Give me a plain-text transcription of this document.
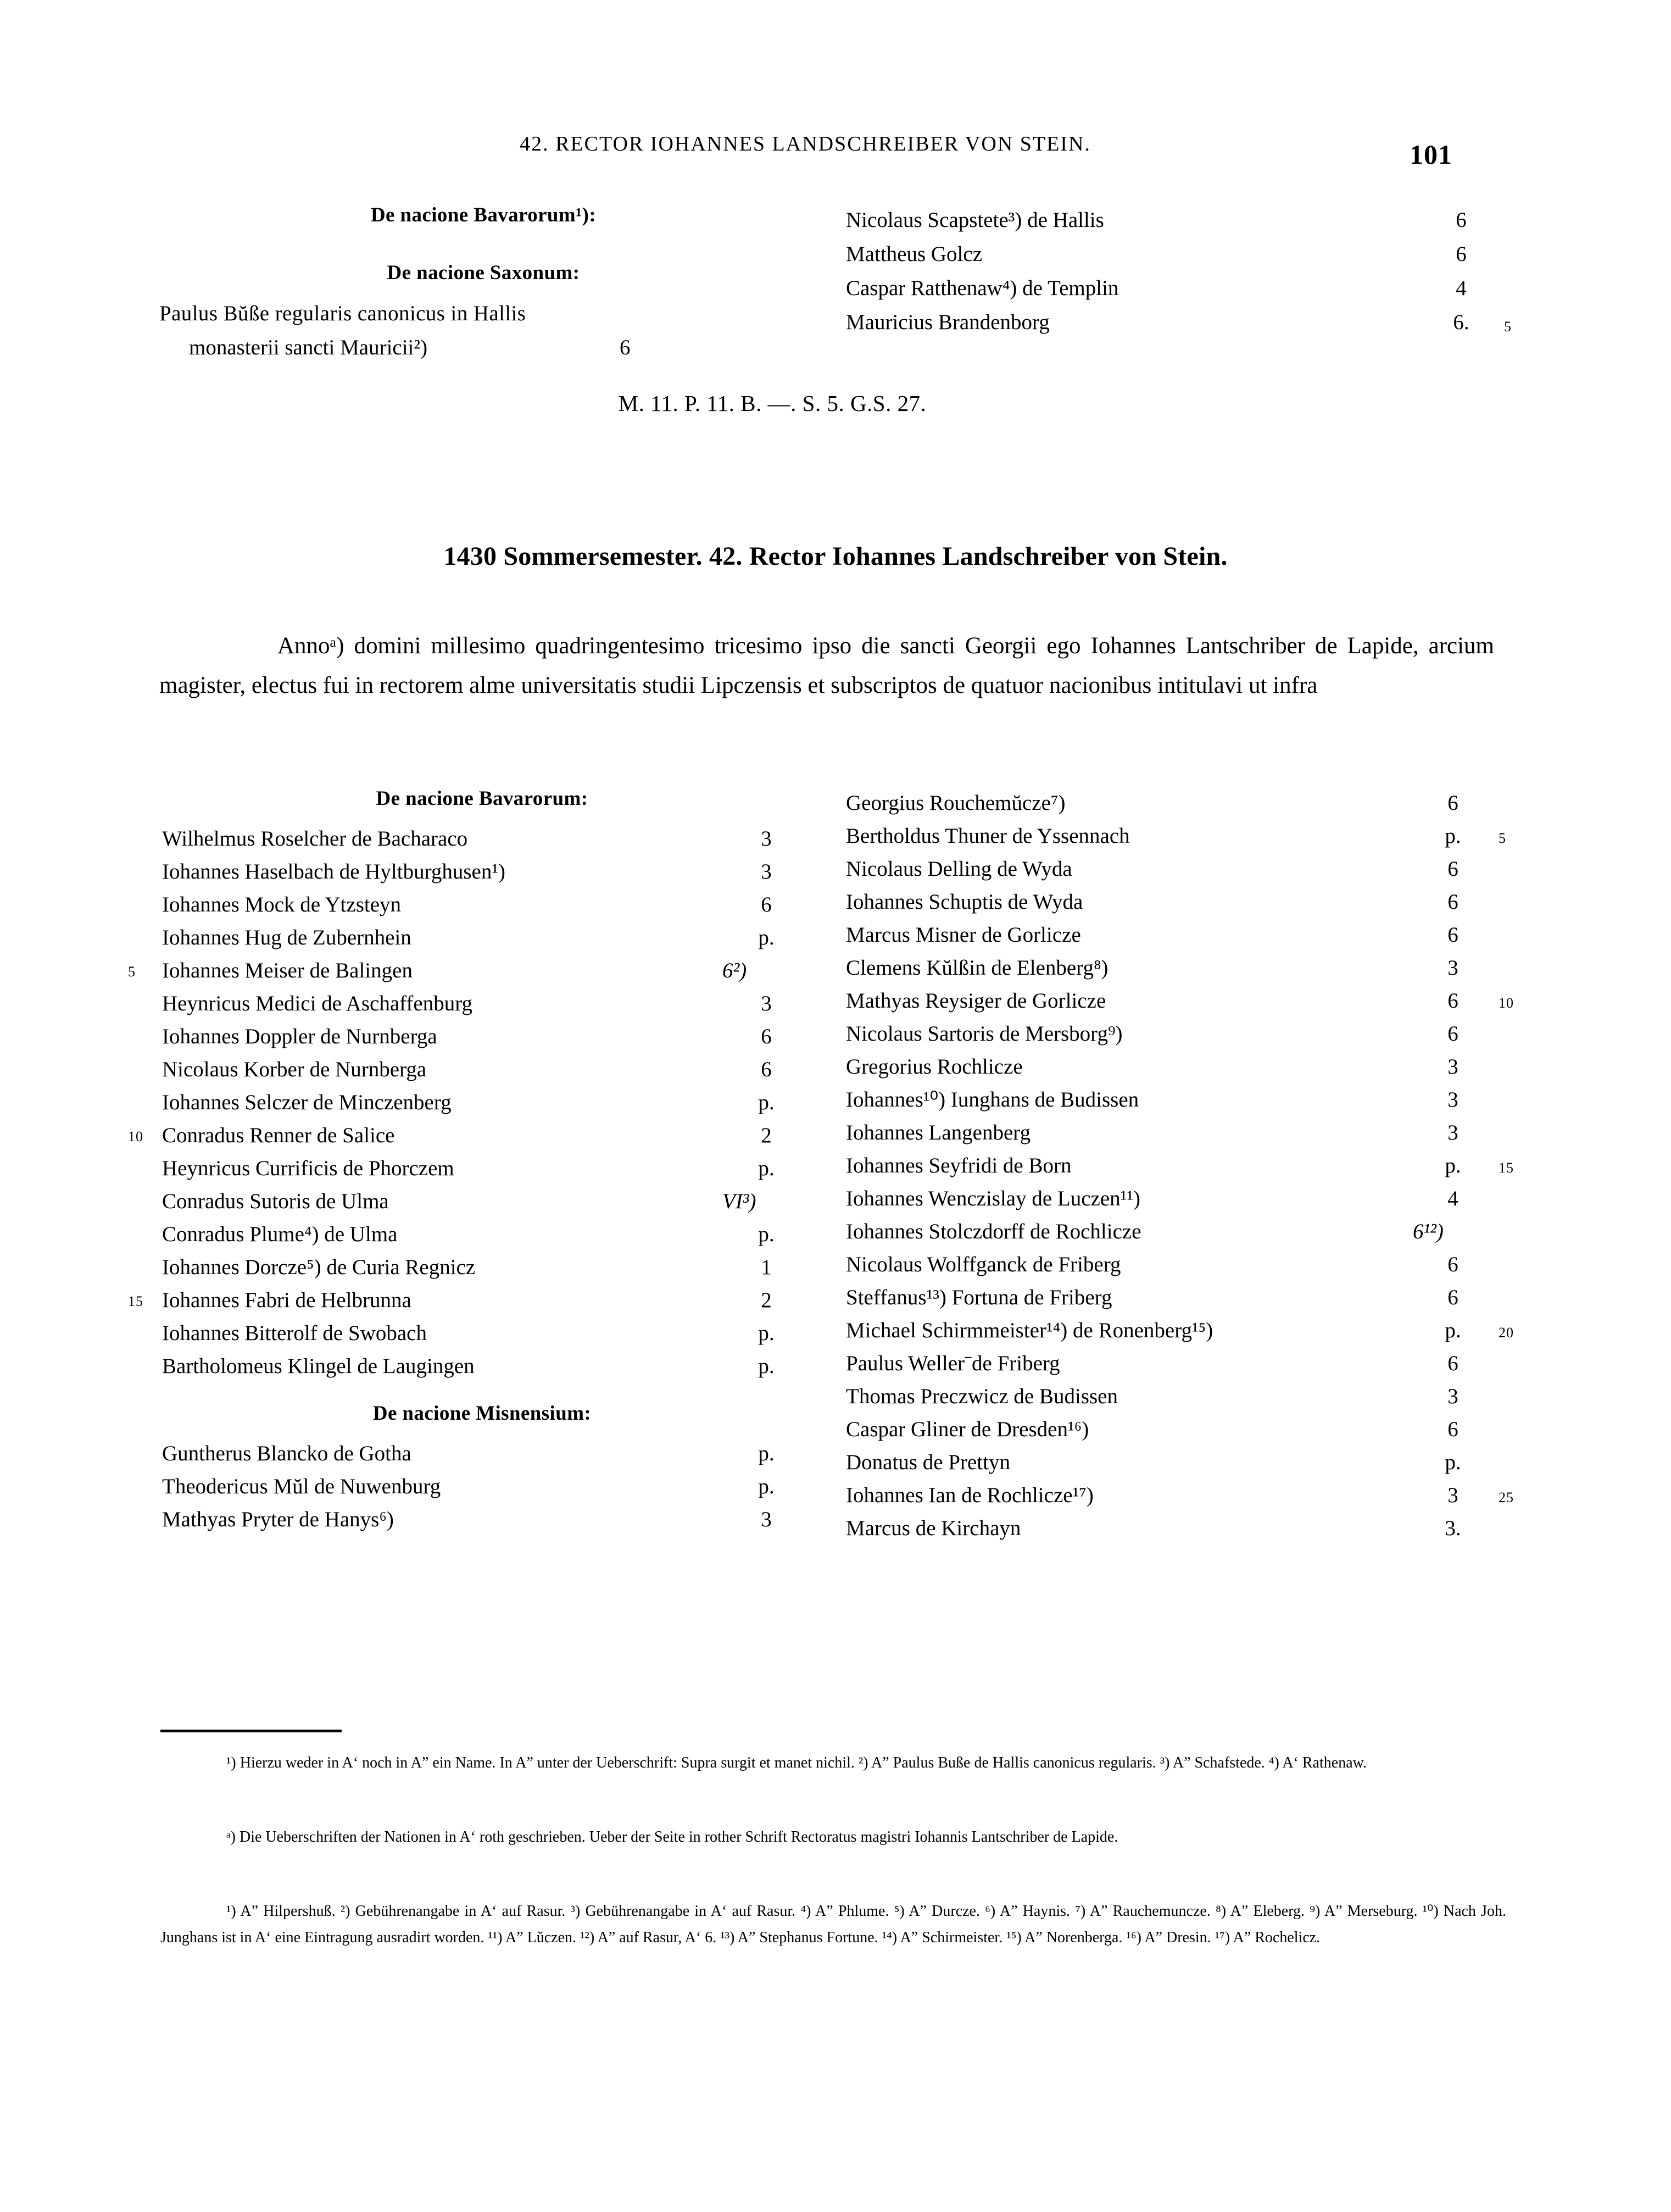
42. RECTOR IOHANNES LANDSCHREIBER VON STEIN.	101
De nacione Bavarorum¹):
De nacione Saxonum:
Paulus Bŭße regularis canonicus in Hallis
monasterii sancti Mauricii²)	6
Nicolaus Scapstete³) de Hallis	6
Mattheus Golcz	6
Caspar Ratthenaw⁴) de Templin	4
Mauricius Brandenborg	6.	5
M. 11. P. 11. B. —. S. 5. G.S. 27.
1430 Sommersemester. 42. Rector Iohannes Landschreiber von Stein.

Annoᵃ) domini millesimo quadringentesimo tricesimo ipso die sancti Georgii ego Iohannes Lantschriber de Lapide, arcium magister, electus fui in rectorem alme universitatis studii Lipczensis et subscriptos de quatuor nacionibus intitulavi ut infra

De nacione Bavarorum:
Wilhelmus Roselcher de Bacharaco	3
Iohannes Haselbach de Hyltburghusen¹)	3
Iohannes Mock de Ytzsteyn	6
Iohannes Hug de Zubernhein	p.
5 Iohannes Meiser de Balingen	6²)
Heynricus Medici de Aschaffenburg	3
Iohannes Doppler de Nurnberga	6
Nicolaus Korber de Nurnberga	6
Iohannes Selczer de Minczenberg	p.
10 Conradus Renner de Salice	2
Heynricus Currificis de Phorczem	p.
Conradus Sutoris de Ulma	VI³)
Conradus Plume⁴) de Ulma	p.
Iohannes Dorcze⁵) de Curia Regnicz	1
15 Iohannes Fabri de Helbrunna	2
Iohannes Bitterolf de Swobach	p.
Bartholomeus Klingel de Laugingen	p.
De nacione Misnensium:
Guntherus Blancko de Gotha	p.
Theodericus Mŭl de Nuwenburg	p.
Mathyas Pryter de Hanys⁶)	3
Georgius Rouchemŭcze⁷)	6
5
Bertholdus Thuner de Yssennach	p.
Nicolaus Delling de Wyda	6
Iohannes Schuptis de Wyda	6
Marcus Misner de Gorlicze	6
Clemens Kŭlßin de Elenberg⁸)	3
10
Mathyas Reysiger de Gorlicze	6
Nicolaus Sartoris de Mersborg⁹)	6
Gregorius Rochlicze	3
Iohannes¹⁰) Iunghans de Budissen	3
Iohannes Langenberg	3
15
Iohannes Seyfridi de Born	p.
Iohannes Wenczislay de Luczen¹¹)	4
Iohannes Stolczdorff de Rochlicze	6¹²)
Nicolaus Wolffganck de Friberg	6
Steffanus¹³) Fortuna de Friberg	6
20
Michael Schirmmeister¹⁴) de Ronenberg¹⁵)	p.
Paulus Wellerˉde Friberg	6
Thomas Preczwicz de Budissen	3
Caspar Gliner de Dresden¹⁶)	6
Donatus de Prettyn	p.
25
Iohannes Ian de Rochlicze¹⁷)	3
Marcus de Kirchayn	3.

¹) Hierzu weder in A‘ noch in A” ein Name. In A” unter der Ueberschrift: Supra surgit et manet nichil. ²) A” Paulus Buße de Hallis canonicus regularis. ³) A” Schafstede. ⁴) A‘ Rathenaw.

ᵃ) Die Ueberschriften der Nationen in A‘ roth geschrieben. Ueber der Seite in rother Schrift Rectoratus magistri Iohannis Lantschriber de Lapide.

¹) A” Hilpershuß. ²) Gebührenangabe in A‘ auf Rasur. ³) Gebührenangabe in A‘ auf Rasur. ⁴) A” Phlume. ⁵) A” Durcze. ⁶) A” Haynis. ⁷) A” Rauchemuncze. ⁸) A” Eleberg. ⁹) A” Merseburg. ¹⁰) Nach Joh. Junghans ist in A‘ eine Eintragung ausradirt worden. ¹¹) A” Lŭczen. ¹²) A” auf Rasur, A‘ 6. ¹³) A” Stephanus Fortune. ¹⁴) A” Schirmeister. ¹⁵) A” Norenberga. ¹⁶) A” Dresin. ¹⁷) A” Rochelicz.
